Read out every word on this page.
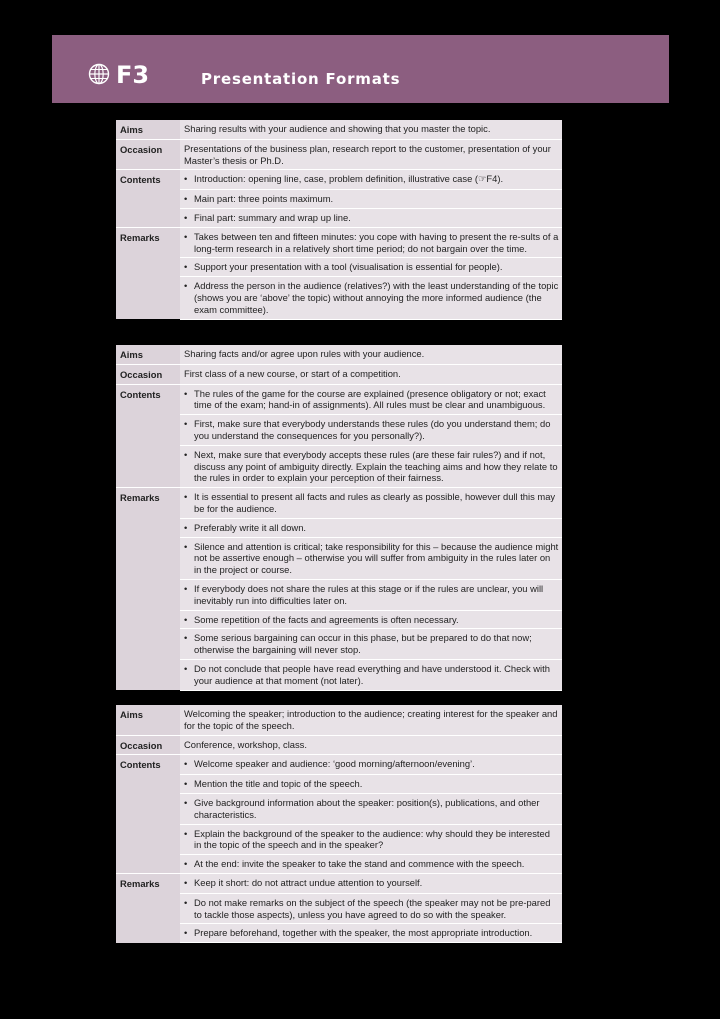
F3	Presentation Formats
Aims	Sharing results with your audience and showing that you master the topic.
Occasion	Presentations of the business plan, research report to the customer, presentation of your Master’s thesis or Ph.D.
Contents	• Introduction: opening line, case, problem definition, illustrative case (☞F4).
	• Main part: three points maximum.
	• Final part: summary and wrap up line.
Remarks	• Takes between ten and fifteen minutes: you cope with having to present the re-sults of a long-term research in a relatively short time period; do not bargain over the time.
	• Support your presentation with a tool (visualisation is essential for people).
	• Address the person in the audience (relatives?) with the least understanding of the topic (shows you are ‘above’ the topic) without annoying the more informed audience (the exam committee).
Aims	Sharing facts and/or agree upon rules with your audience.
Occasion	First class of a new course, or start of a competition.
Contents	• The rules of the game for the course are explained (presence obligatory or not; exact time of the exam; hand-in of assignments). All rules must be clear and unambiguous.
	• First, make sure that everybody understands these rules (do you understand them; do you understand the consequences for you personally?).
	• Next, make sure that everybody accepts these rules (are these fair rules?) and if not, discuss any point of ambiguity directly. Explain the teaching aims and how they relate to the rules in order to explain your perception of their fairness.
Remarks	• It is essential to present all facts and rules as clearly as possible, however dull this may be for the audience.
	• Preferably write it all down.
	• Silence and attention is critical; take responsibility for this – because the audience might not be assertive enough – otherwise you will suffer from ambiguity in the rules later on in the project or course.
	• If everybody does not share the rules at this stage or if the rules are unclear, you will inevitably run into difficulties later on.
	• Some repetition of the facts and agreements is often necessary.
	• Some serious bargaining can occur in this phase, but be prepared to do that now; otherwise the bargaining will never stop.
	• Do not conclude that people have read everything and have understood it. Check with your audience at that moment (not later).
Aims	Welcoming the speaker; introduction to the audience; creating interest for the speaker and for the topic of the speech.
Occasion	Conference, workshop, class.
Contents	• Welcome speaker and audience: ‘good morning/afternoon/evening’.
	• Mention the title and topic of the speech.
	• Give background information about the speaker: position(s), publications, and other characteristics.
	• Explain the background of the speaker to the audience: why should they be interested in the topic of the speech and in the speaker?
	• At the end: invite the speaker to take the stand and commence with the speech.
Remarks	• Keep it short: do not attract undue attention to yourself.
	• Do not make remarks on the subject of the speech (the speaker may not be pre-pared to tackle those aspects), unless you have agreed to do so with the speaker.
	• Prepare beforehand, together with the speaker, the most appropriate introduction.
